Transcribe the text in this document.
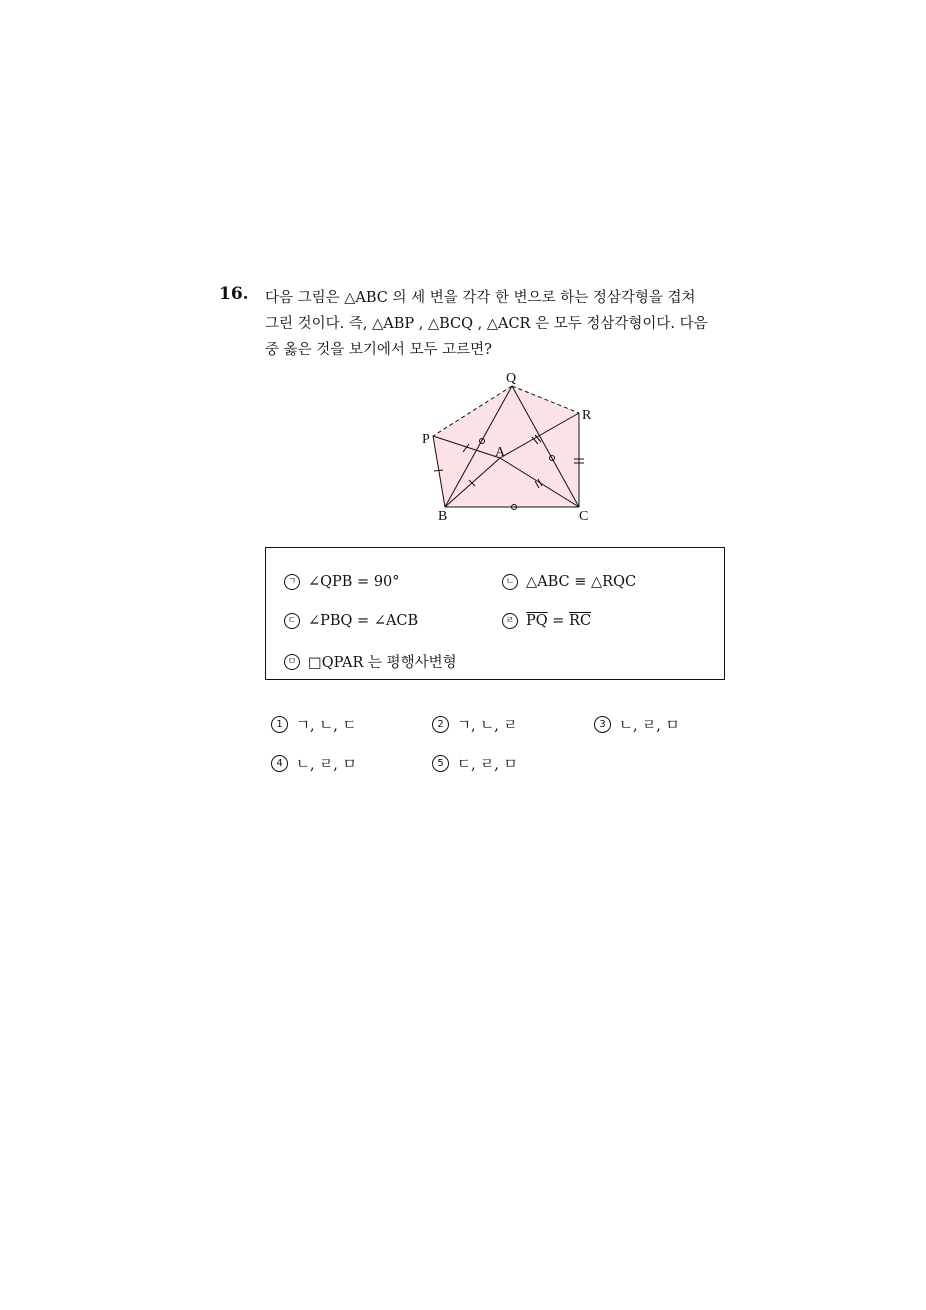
16. 다음 그림은 △ABC 의 세 변을 각각 한 변으로 하는 정삼각형을 겹쳐
그린 것이다. 즉, △ABP , △BCQ , △ACR 은 모두 정삼각형이다. 다음
중 옳은 것을 보기에서 모두 고르면?
Q
R
P
A
B	C
ㄱ ∠QPB = 90°	ㄴ △ABC ≡ △RQC
ㄷ ∠PBQ = ∠ACB	ㄹ $\overline{PQ} = \overline{RC}$
ㅁ □QPAR 는 평행사변형
1 ㄱ, ㄴ, ㄷ	2 ㄱ, ㄴ, ㄹ	3 ㄴ, ㄹ, ㅁ
4 ㄴ, ㄹ, ㅁ	5 ㄷ, ㄹ, ㅁ
